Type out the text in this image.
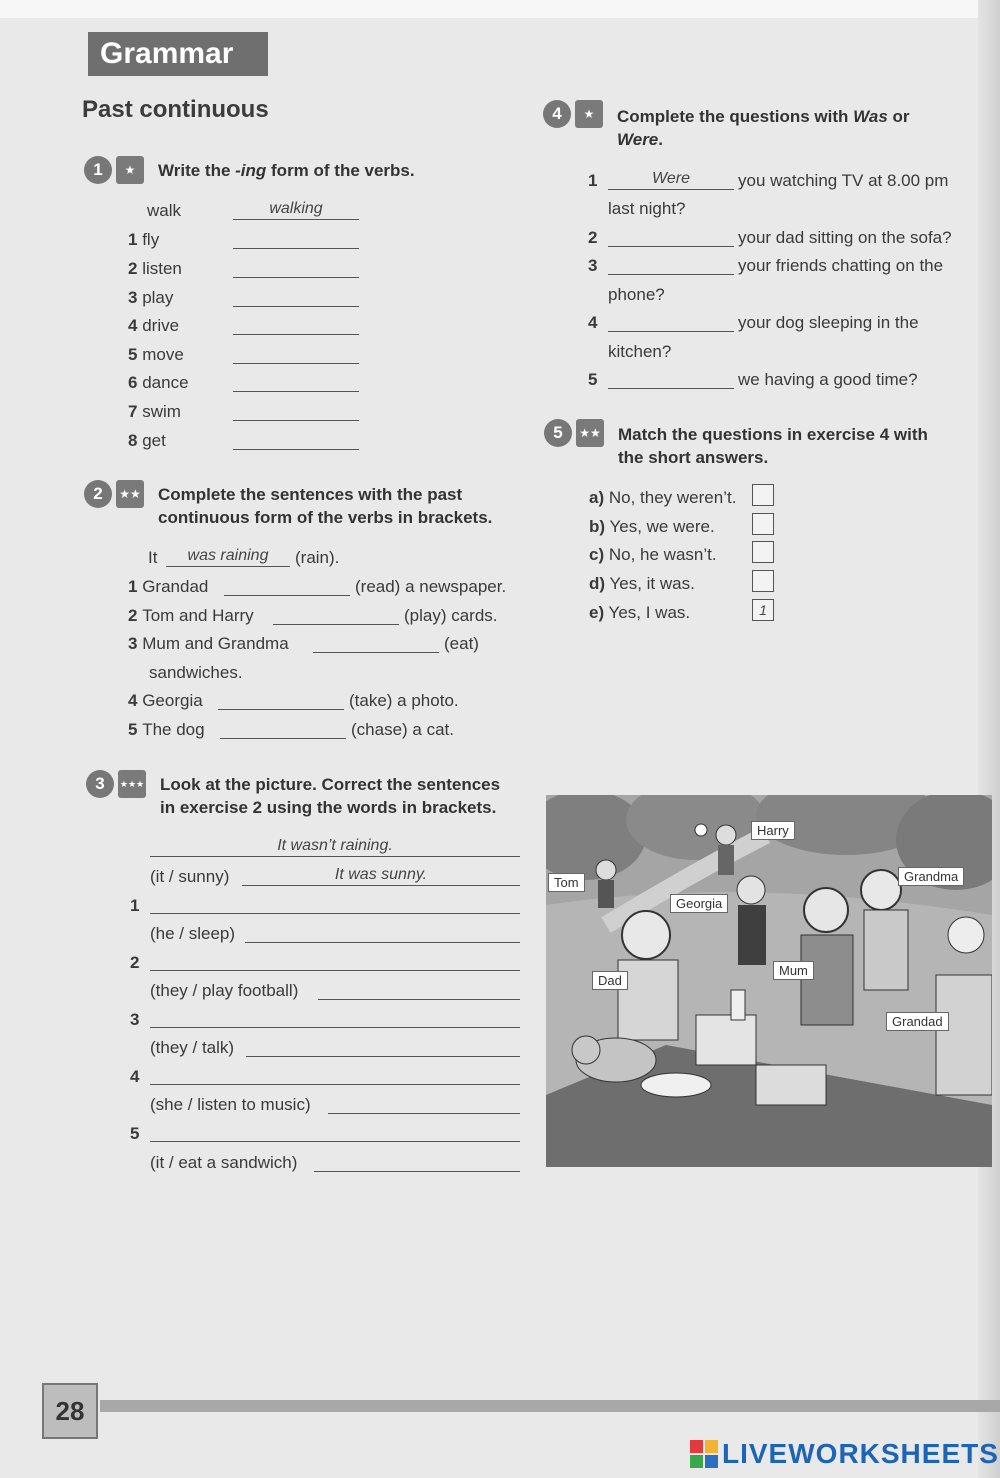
Grammar
Past continuous
1	★	Write the -ing form of the verbs.
walk	walking
1 fly
2 listen
3 play
4 drive
5 move
6 dance
7 swim
8 get
2	★★ Complete the sentences with the past
continuous form of the verbs in brackets.
It	was raining	(rain).
1 Grandad	(read) a newspaper.
2 Tom and Harry	(play) cards.
3 Mum and Grandma	(eat)
sandwiches.
4 Georgia	(take) a photo.
5 The dog	(chase) a cat.
3	★★★ Look at the picture. Correct the sentences
in exercise 2 using the words in brackets.
It wasn’t raining.
(it / sunny)	It was sunny.
1
(he / sleep)
2
(they / play football)
3
(they / talk)
4
(she / listen to music)
5
(it / eat a sandwich)
4	★	Complete the questions with Was or
Were.
1	Were	you watching TV at 8.00 pm
last night?
2	your dad sitting on the sofa?
3	your friends chatting on the
phone?
4	your dog sleeping in the
kitchen?
5	we having a good time?
5	★★ Match the questions in exercise 4 with
the short answers.
a) No, they weren’t.
b) Yes, we were.
c) No, he wasn’t.
d) Yes, it was.
e) Yes, I was.	1
Harry
Tom	Grandma
Georgia
Dad
Mum
Grandad
28
LIVEWORKSHEETS
